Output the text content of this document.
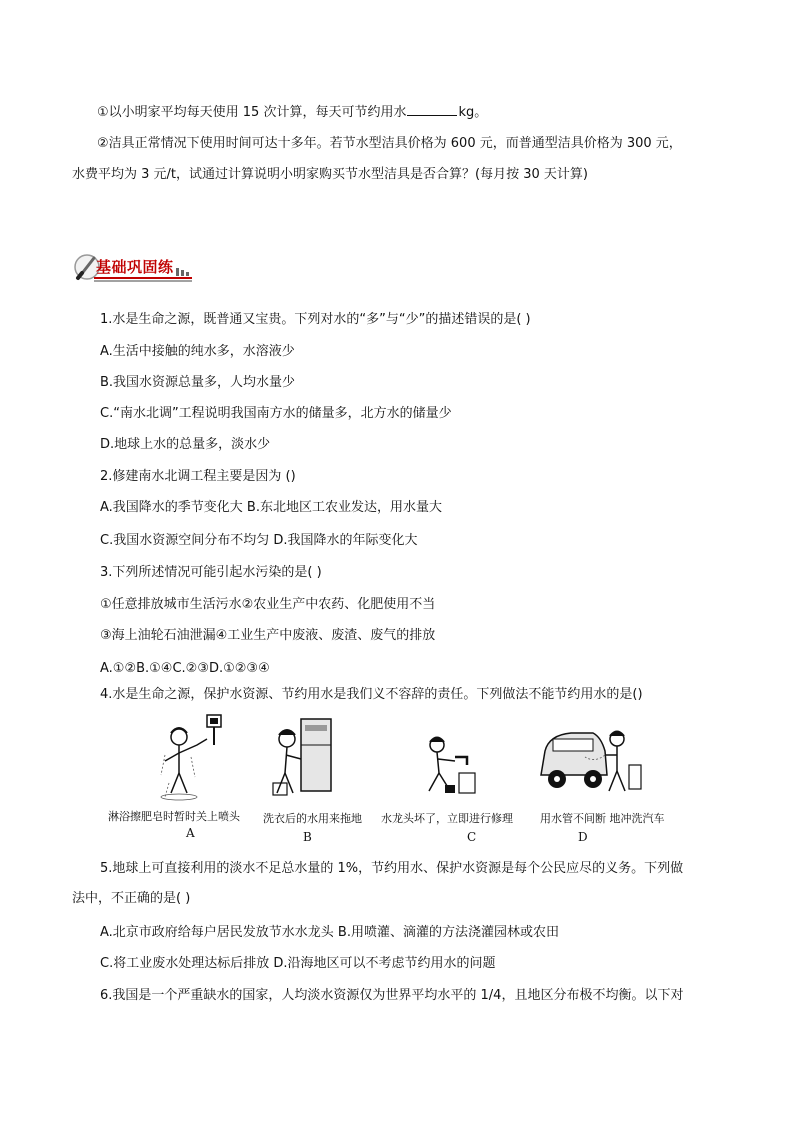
①以小明家平均每天使用 15 次计算，每天可节约用水	kg。
②洁具正常情况下使用时间可达十多年。若节水型洁具价格为 600 元，而普通型洁具价格为 300 元，
水费平均为 3 元/t，试通过计算说明小明家购买节水型洁具是否合算？(每月按 30 天计算)
基础巩固练
1.水是生命之源，既普通又宝贵。下列对水的“多”与“少”的描述错误的是( )
A.生活中接触的纯水多，水溶液少
B.我国水资源总量多，人均水量少
C.“南水北调”工程说明我国南方水的储量多，北方水的储量少
D.地球上水的总量多，淡水少
2.修建南水北调工程主要是因为 ()
A.我国降水的季节变化大 B.东北地区工农业发达，用水量大
C.我国水资源空间分布不均匀 D.我国降水的年际变化大
3.下列所述情况可能引起水污染的是( )
①任意排放城市生活污水②农业生产中农药、化肥使用不当
③海上油轮石油泄漏④工业生产中废液、废渣、废气的排放
A.①②B.①④C.②③D.①②③④
4.水是生命之源，保护水资源、节约用水是我们义不容辞的责任。下列做法不能节约用水的是()
淋浴擦肥皂时暂时关上喷头
A
洗衣后的水用来拖地
B
水龙头坏了，立即进行修理
C
用水管不间断 地冲洗汽车
D
5.地球上可直接利用的淡水不足总水量的 1%，节约用水、保护水资源是每个公民应尽的义务。下列做
法中，不正确的是( )
A.北京市政府给每户居民发放节水水龙头 B.用喷灌、滴灌的方法浇灌园林或农田
C.将工业废水处理达标后排放 D.沿海地区可以不考虑节约用水的问题
6.我国是一个严重缺水的国家，人均淡水资源仅为世界平均水平的 1/4，且地区分布极不均衡。以下对
